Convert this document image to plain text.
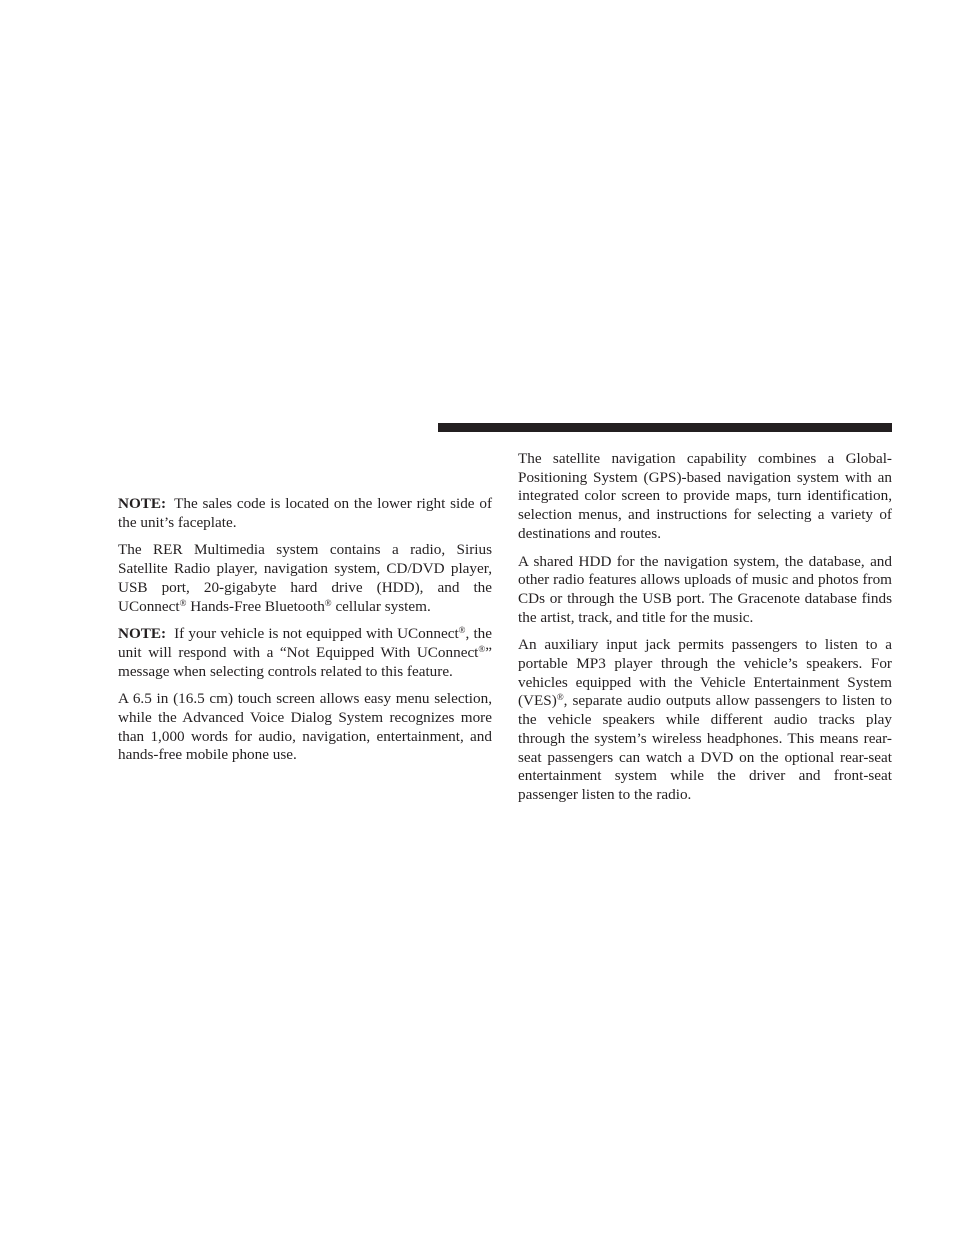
NOTE: The sales code is located on the lower right side of the unit’s faceplate.

The RER Multimedia system contains a radio, Sirius Satellite Radio player, navigation system, CD/DVD player, USB port, 20-gigabyte hard drive (HDD), and the UConnect® Hands-Free Bluetooth® cellular system.

NOTE: If your vehicle is not equipped with UConnect®, the unit will respond with a “Not Equipped With UConnect®” message when selecting controls related to this feature.

A 6.5 in (16.5 cm) touch screen allows easy menu selection, while the Advanced Voice Dialog System recognizes more than 1,000 words for audio, navigation, entertainment, and hands-free mobile phone use.

The satellite navigation capability combines a Global-Positioning System (GPS)-based navigation system with an integrated color screen to provide maps, turn identification, selection menus, and instructions for selecting a variety of destinations and routes.

A shared HDD for the navigation system, the database, and other radio features allows uploads of music and photos from CDs or through the USB port. The Gracenote database finds the artist, track, and title for the music.

An auxiliary input jack permits passengers to listen to a portable MP3 player through the vehicle’s speakers. For vehicles equipped with the Vehicle Entertainment System (VES)®, separate audio outputs allow passengers to listen to the vehicle speakers while different audio tracks play through the system’s wireless headphones. This means rear-seat passengers can watch a DVD on the optional rear-seat entertainment system while the driver and front-seat passenger listen to the radio.
